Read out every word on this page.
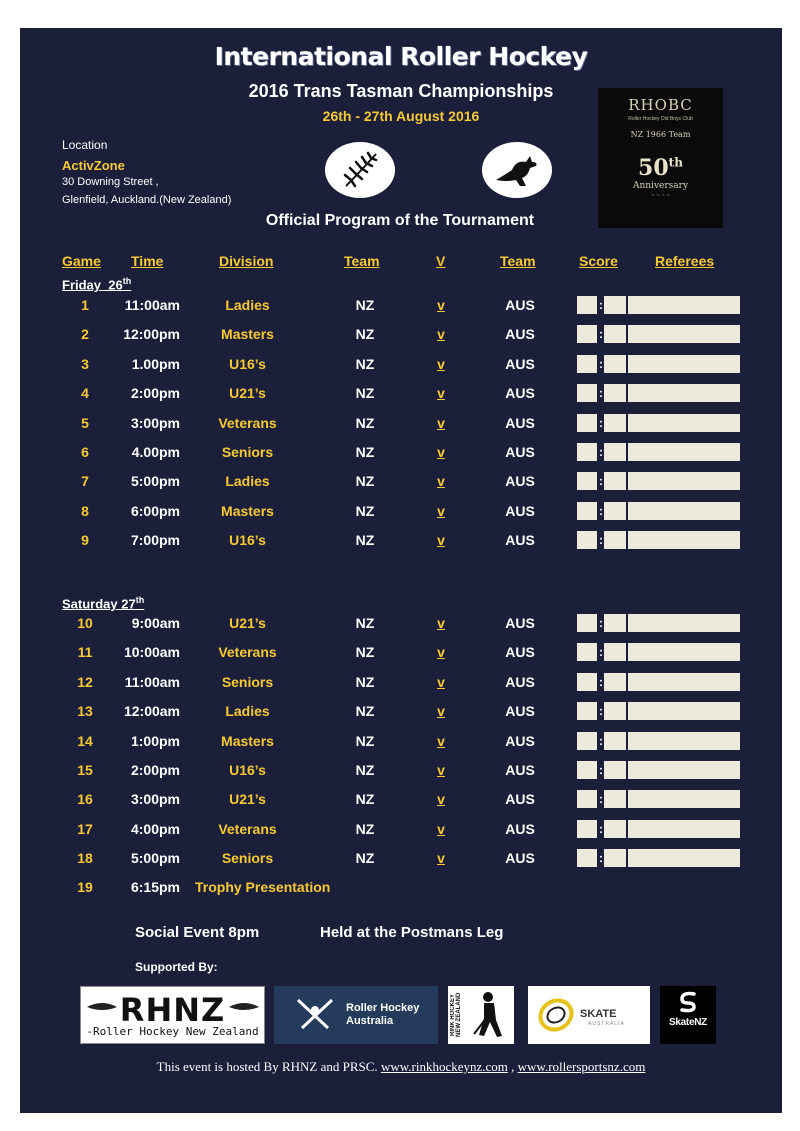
International Roller Hockey
2016 Trans Tasman Championships
26th - 27th August 2016
Location
ActivZone
30 Downing Street ,
Glenfield, Auckland.(New Zealand)
RHOBC
Roller Hockey Old Boys Club
NZ 1966 Team
50th
Anniversary
~ ~ ~ ~
Official Program of the Tournament
Game Time	Division	Team	V	Team	Score	Referees
Friday 26th
1	11:00am	Ladies	NZ	v	AUS	:
2	12:00pm	Masters	NZ	v	AUS	:
3	1.00pm	U16’s	NZ	v	AUS	:
4	2:00pm	U21’s	NZ	v	AUS	:
5	3:00pm	Veterans	NZ	v	AUS	:
6	4.00pm	Seniors	NZ	v	AUS	:
7	5:00pm	Ladies	NZ	v	AUS	:
8	6:00pm	Masters	NZ	v	AUS	:
9	7:00pm	U16’s	NZ	v	AUS	:
Saturday 27th
10	9:00am	U21’s	NZ	v	AUS	:
11	10:00am	Veterans	NZ	v	AUS	:
12	11:00am	Seniors	NZ	v	AUS	:
13	12:00am	Ladies	NZ	v	AUS	:
14	1:00pm	Masters	NZ	v	AUS	:
15	2:00pm	U16’s	NZ	v	AUS	:
16	3:00pm	U21’s	NZ	v	AUS	:
17	4:00pm	Veterans	NZ	v	AUS	:
18	5:00pm	Seniors	NZ	v	AUS	:
19	6:15pm Trophy Presentation
Social Event 8pm	Held at the Postmans Leg
Supported By:
RHNZ
-Roller Hockey New Zealand
Roller Hockey
Australia	RINK HOCKEY NEW ZEALAND	SKATE
AUSTRALIA	SkateNZ
This event is hosted By RHNZ and PRSC. www.rinkhockeynz.com , www.rollersportsnz.com
